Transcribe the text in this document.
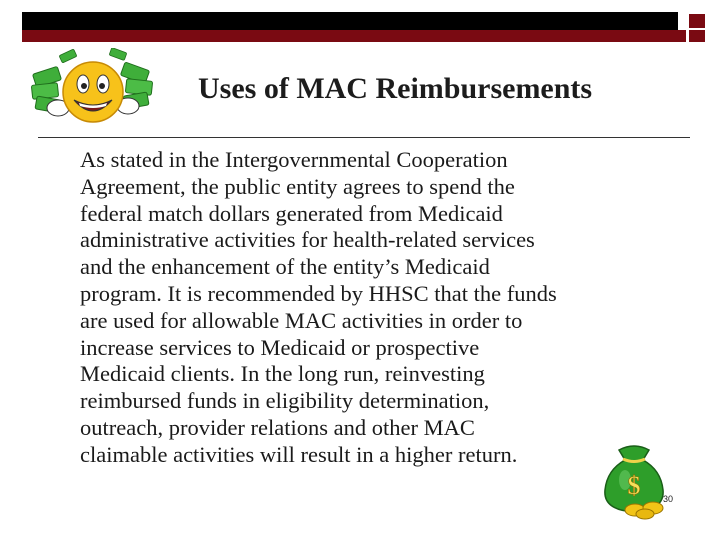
Uses of MAC Reimbursements
As stated in the Intergovernmental Cooperation
Agreement, the public entity agrees to spend the
federal match dollars generated from Medicaid
administrative activities for health-related services
and the enhancement of the entity’s Medicaid
program. It is recommended by HHSC that the funds
are used for allowable MAC activities in order to
increase services to Medicaid or prospective
Medicaid clients. In the long run, reinvesting
reimbursed funds in eligibility determination,
outreach, provider relations and other MAC
claimable activities will result in a higher return.
$	30
